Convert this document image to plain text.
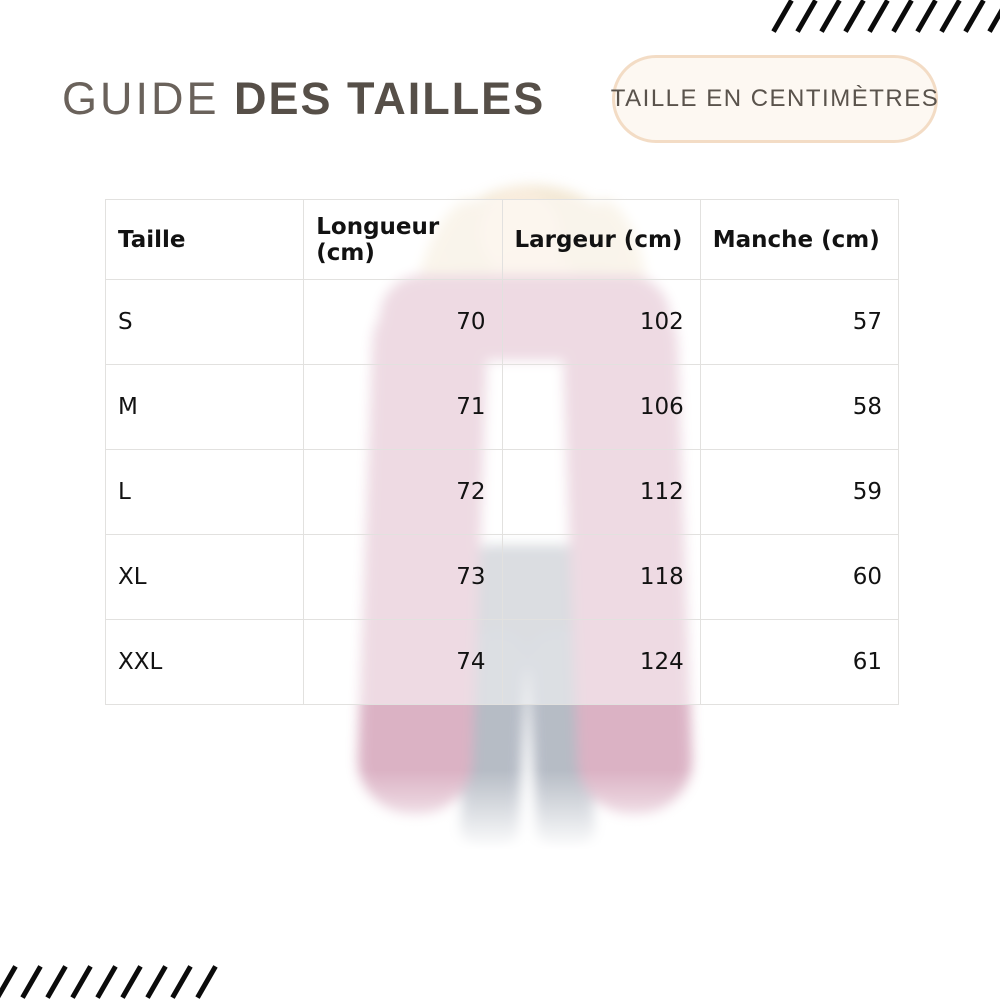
GUIDE DES TAILLES	TAILLE EN CENTIMÈTRES
Taille	Longueur (cm)	Largeur (cm)	Manche (cm)
S	70	102	57
M	71	106	58
L	72	112	59
XL	73	118	60
XXL	74	124	61
